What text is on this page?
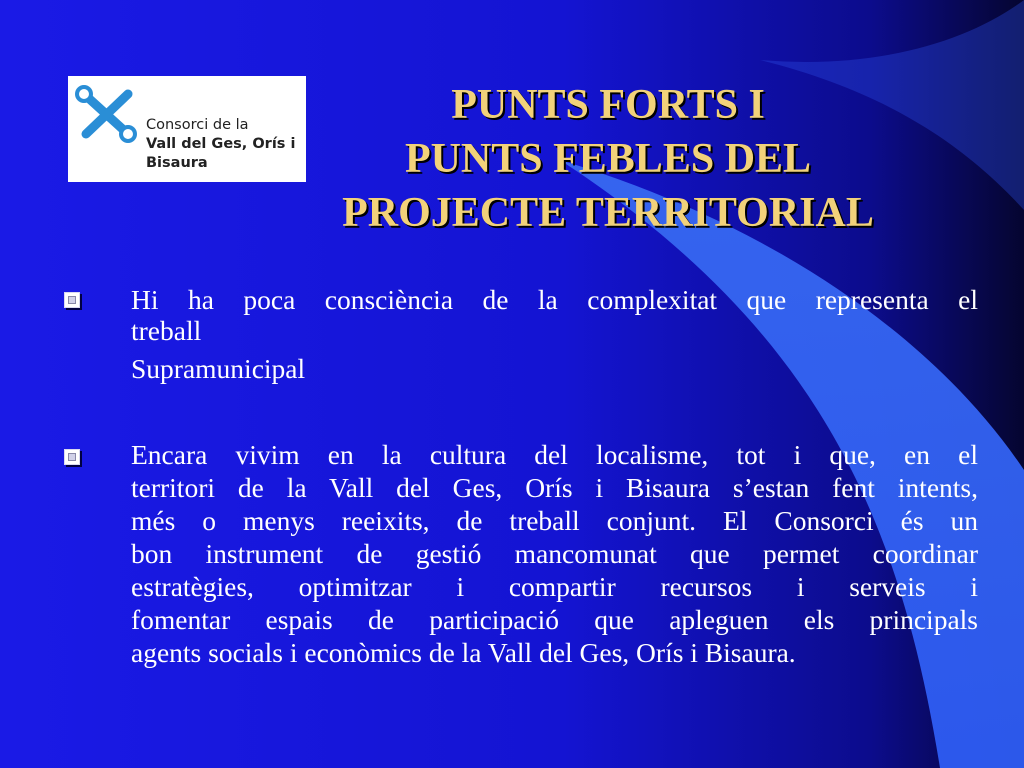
Consorci de la
Vall del Ges, Orís i
Bisaura
PUNTS FORTS I
PUNTS FEBLES DEL
PROJECTE TERRITORIAL
Hi ha poca consciència de la complexitat que representa el
treball
Supramunicipal
Encara vivim en la cultura del localisme, tot i que, en el
territori de la Vall del Ges, Orís i Bisaura s’estan fent intents,
més o menys reeixits, de treball conjunt. El Consorci és un
bon instrument de gestió mancomunat que permet coordinar
estratègies, optimitzar i compartir recursos i serveis i
fomentar espais de participació que apleguen els principals
agents socials i econòmics de la Vall del Ges, Orís i Bisaura.
